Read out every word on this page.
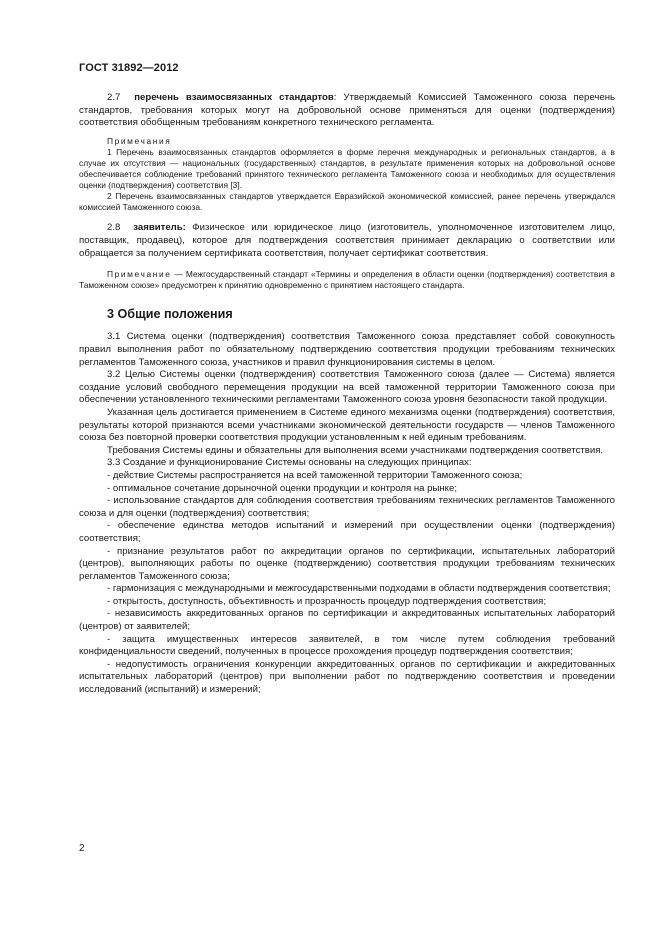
ГОСТ 31892—2012

2.7 перечень взаимосвязанных стандартов: Утверждаемый Комиссией Таможенного союза перечень стандартов, требования которых могут на добровольной основе применяться для оценки (подтверждения) соответствия обобщенным требованиям конкретного технического регламента.

Примечания

1 Перечень взаимосвязанных стандартов оформляется в форме перечня международных и региональных стандартов, а в случае их отсутствия — национальных (государственных) стандартов, в результате применения которых на добровольной основе обеспечивается соблюдение требований принятого технического регламента Таможенного союза и необходимых для осуществления оценки (подтверждения) соответствия [3].

2 Перечень взаимосвязанных стандартов утверждается Евразийской экономической комиссией, ранее перечень утверждался комиссией Таможенного союза.

2.8 заявитель: Физическое или юридическое лицо (изготовитель, уполномоченное изготовителем лицо, поставщик, продавец), которое для подтверждения соответствия принимает декларацию о соответствии или обращается за получением сертификата соответствия, получает сертификат соответствия.

Примечание — Межгосударственный стандарт «Термины и определения в области оценки (подтверждения) соответствия в Таможенном союзе» предусмотрен к принятию одновременно с принятием настоящего стандарта.

3 Общие положения

3.1 Система оценки (подтверждения) соответствия Таможенного союза представляет собой совокупность правил выполнения работ по обязательному подтверждению соответствия продукции требованиям технических регламентов Таможенного союза, участников и правил функционирования системы в целом.

3.2 Целью Системы оценки (подтверждения) соответствия Таможенного союза (далее — Система) является создание условий свободного перемещения продукции на всей таможенной территории Таможенного союза при обеспечении установленного техническими регламентами Таможенного союза уровня безопасности такой продукции.

Указанная цель достигается применением в Системе единого механизма оценки (подтверждения) соответствия, результаты которой признаются всеми участниками экономической деятельности государств — членов Таможенного союза без повторной проверки соответствия продукции установленным к ней единым требованиям.

Требования Системы едины и обязательны для выполнения всеми участниками подтверждения соответствия.

3.3 Создание и функционирование Системы основаны на следующих принципах:

- действие Системы распространяется на всей таможенной территории Таможенного союза;

- оптимальное сочетание дорыночной оценки продукции и контроля на рынке;

- использование стандартов для соблюдения соответствия требованиям технических регламентов Таможенного союза и для оценки (подтверждения) соответствия;

- обеспечение единства методов испытаний и измерений при осуществлении оценки (подтверждения) соответствия;

- признание результатов работ по аккредитации органов по сертификации, испытательных лабораторий (центров), выполняющих работы по оценке (подтверждению) соответствия продукции требованиям технических регламентов Таможенного союза;

- гармонизация с международными и межгосударственными подходами в области подтверждения соответствия;

- открытость, доступность, объективность и прозрачность процедур подтверждения соответствия;

- независимость аккредитованных органов по сертификации и аккредитованных испытательных лабораторий (центров) от заявителей;

- защита имущественных интересов заявителей, в том числе путем соблюдения требований конфиденциальности сведений, полученных в процессе прохождения процедур подтверждения соответствия;

- недопустимость ограничения конкуренции аккредитованных органов по сертификации и аккредитованных испытательных лабораторий (центров) при выполнении работ по подтверждению соответствия и проведении исследований (испытаний) и измерений;

2
